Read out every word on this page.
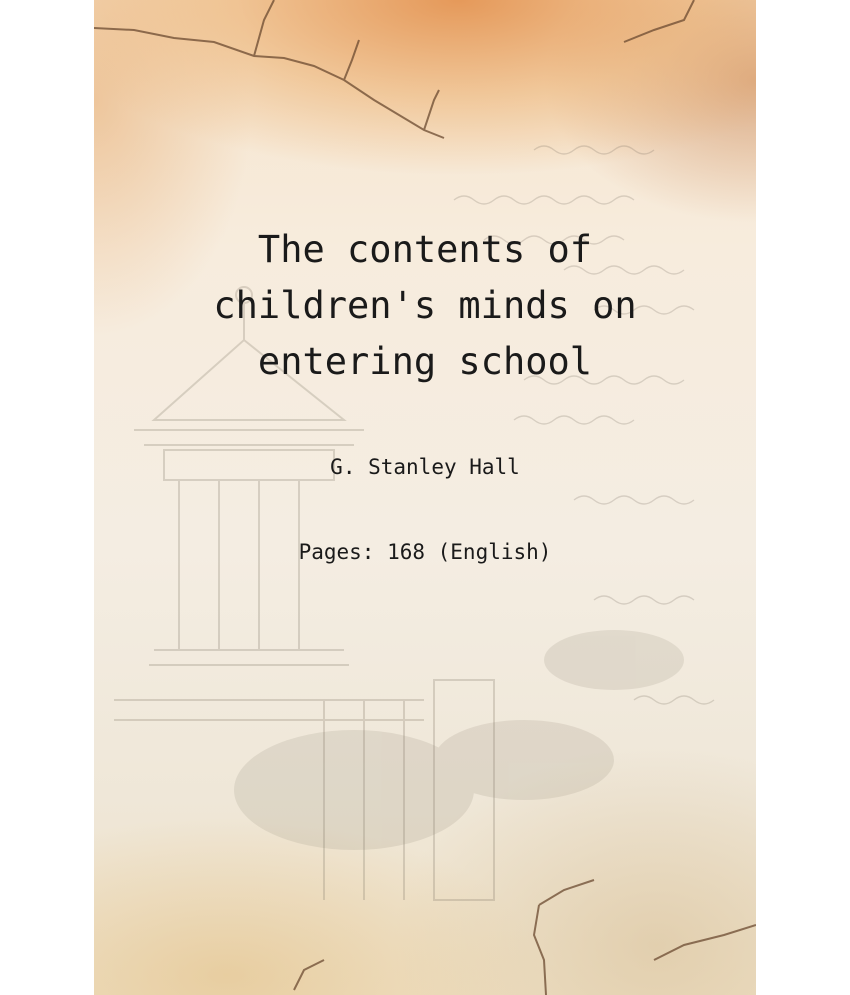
The contents of
children's minds on
entering school
G. Stanley Hall
Pages: 168 (English)
